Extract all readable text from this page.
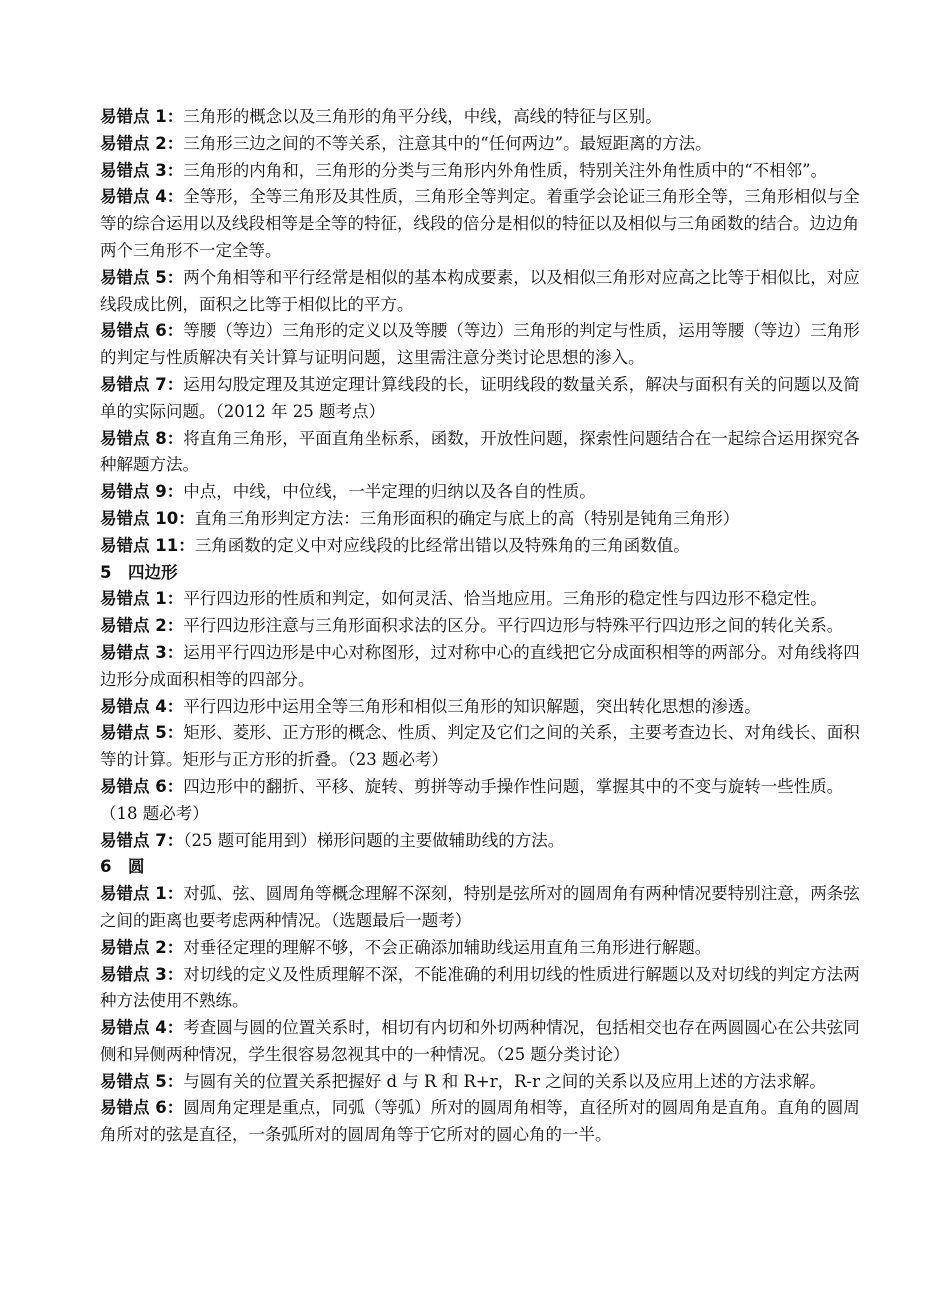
易错点 1：三角形的概念以及三角形的角平分线，中线，高线的特征与区别。

易错点 2：三角形三边之间的不等关系，注意其中的“任何两边”。最短距离的方法。

易错点 3：三角形的内角和，三角形的分类与三角形内外角性质，特别关注外角性质中的“不相邻”。

易错点 4：全等形，全等三角形及其性质，三角形全等判定。着重学会论证三角形全等，三角形相似与全等的综合运用以及线段相等是全等的特征，线段的倍分是相似的特征以及相似与三角函数的结合。边边角两个三角形不一定全等。

易错点 5：两个角相等和平行经常是相似的基本构成要素，以及相似三角形对应高之比等于相似比，对应线段成比例，面积之比等于相似比的平方。

易错点 6：等腰（等边）三角形的定义以及等腰（等边）三角形的判定与性质，运用等腰（等边）三角形的判定与性质解决有关计算与证明问题，这里需注意分类讨论思想的渗入。

易错点 7：运用勾股定理及其逆定理计算线段的长，证明线段的数量关系，解决与面积有关的问题以及简单的实际问题。（2012 年 25 题考点）

易错点 8：将直角三角形，平面直角坐标系，函数，开放性问题，探索性问题结合在一起综合运用探究各种解题方法。

易错点 9：中点，中线，中位线，一半定理的归纳以及各自的性质。

易错点 10：直角三角形判定方法：三角形面积的确定与底上的高（特别是钝角三角形）

易错点 11：三角函数的定义中对应线段的比经常出错以及特殊角的三角函数值。

5　四边形

易错点 1：平行四边形的性质和判定，如何灵活、恰当地应用。三角形的稳定性与四边形不稳定性。

易错点 2：平行四边形注意与三角形面积求法的区分。平行四边形与特殊平行四边形之间的转化关系。

易错点 3：运用平行四边形是中心对称图形，过对称中心的直线把它分成面积相等的两部分。对角线将四边形分成面积相等的四部分。

易错点 4：平行四边形中运用全等三角形和相似三角形的知识解题，突出转化思想的渗透。

易错点 5：矩形、菱形、正方形的概念、性质、判定及它们之间的关系，主要考查边长、对角线长、面积等的计算。矩形与正方形的折叠。（23 题必考）

易错点 6：四边形中的翻折、平移、旋转、剪拼等动手操作性问题，掌握其中的不变与旋转一些性质。（18 题必考）

易错点 7：（25 题可能用到）梯形问题的主要做辅助线的方法。

6　圆

易错点 1：对弧、弦、圆周角等概念理解不深刻，特别是弦所对的圆周角有两种情况要特别注意，两条弦之间的距离也要考虑两种情况。（选题最后一题考）

易错点 2：对垂径定理的理解不够，不会正确添加辅助线运用直角三角形进行解题。

易错点 3：对切线的定义及性质理解不深，不能准确的利用切线的性质进行解题以及对切线的判定方法两种方法使用不熟练。

易错点 4：考查圆与圆的位置关系时，相切有内切和外切两种情况，包括相交也存在两圆圆心在公共弦同侧和异侧两种情况，学生很容易忽视其中的一种情况。（25 题分类讨论）

易错点 5：与圆有关的位置关系把握好 d 与 R 和 R+r，R-r 之间的关系以及应用上述的方法求解。

易错点 6：圆周角定理是重点，同弧（等弧）所对的圆周角相等，直径所对的圆周角是直角。直角的圆周角所对的弦是直径，一条弧所对的圆周角等于它所对的圆心角的一半。
